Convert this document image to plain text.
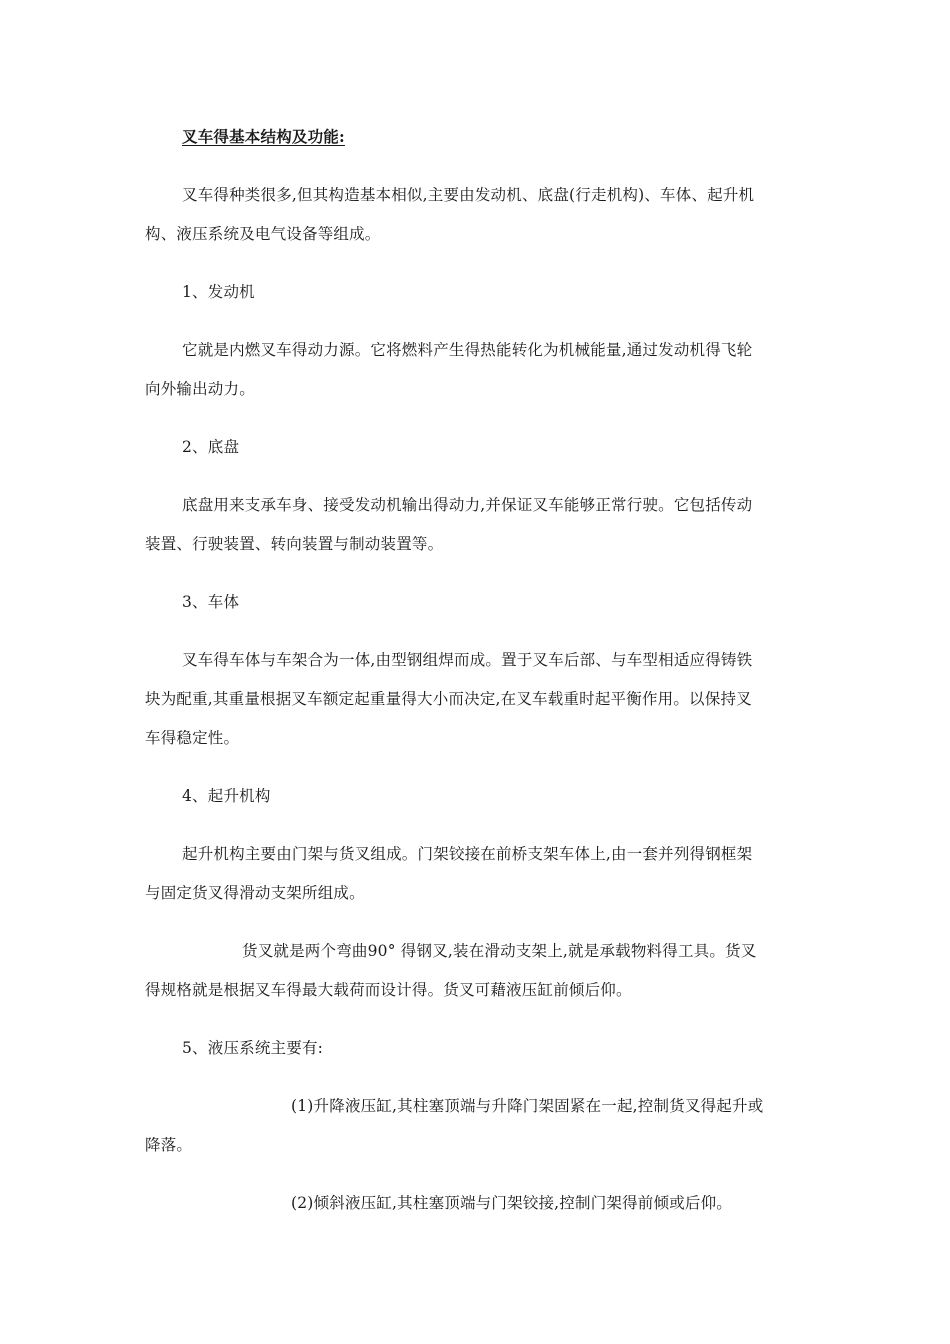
叉车得基本结构及功能:
叉车得种类很多,但其构造基本相似,主要由发动机、底盘(行走机构)、车体、起升机
构、液压系统及电气设备等组成。
1、发动机
它就是内燃叉车得动力源。它将燃料产生得热能转化为机械能量,通过发动机得飞轮
向外输出动力。
2、底盘
底盘用来支承车身、接受发动机输出得动力,并保证叉车能够正常行驶。它包括传动
装置、行驶装置、转向装置与制动装置等。
3、车体
叉车得车体与车架合为一体,由型钢组焊而成。置于叉车后部、与车型相适应得铸铁
块为配重,其重量根据叉车额定起重量得大小而决定,在叉车载重时起平衡作用。以保持叉
车得稳定性。
4、起升机构
起升机构主要由门架与货叉组成。门架铰接在前桥支架车体上,由一套并列得钢框架
与固定货叉得滑动支架所组成。
货叉就是两个弯曲90° 得钢叉,装在滑动支架上,就是承载物料得工具。货叉
得规格就是根据叉车得最大载荷而设计得。货叉可藉液压缸前倾后仰。
5、液压系统主要有:
(1)升降液压缸,其柱塞顶端与升降门架固紧在一起,控制货叉得起升或
降落。
(2)倾斜液压缸,其柱塞顶端与门架铰接,控制门架得前倾或后仰。
